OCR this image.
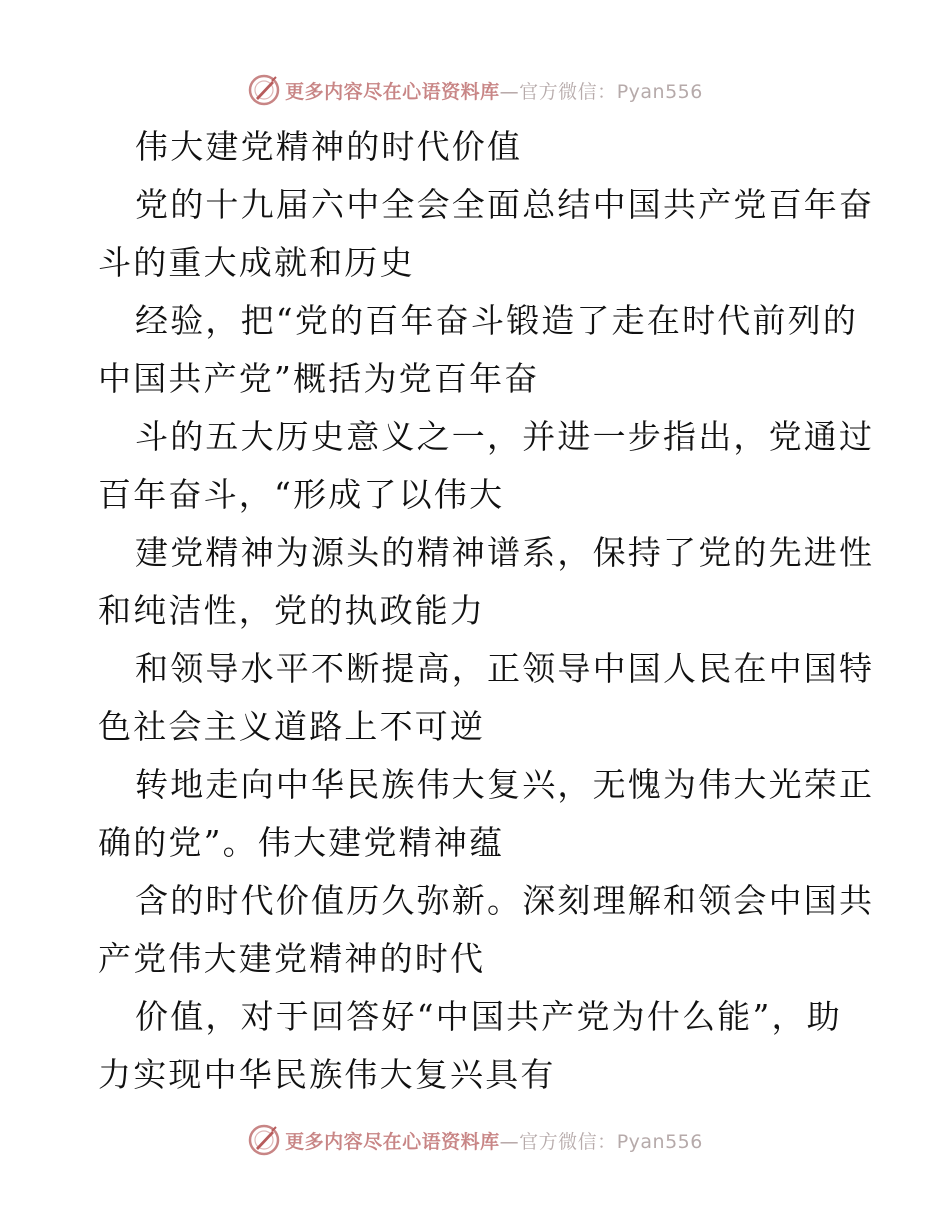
更多内容尽在心语资料库—官方微信：Pyan556
伟大建党精神的时代价值
党的十九届六中全会全面总结中国共产党百年奋
斗的重大成就和历史
经验，把“党的百年奋斗锻造了走在时代前列的
中国共产党”概括为党百年奋
斗的五大历史意义之一，并进一步指出，党通过
百年奋斗，“形成了以伟大
建党精神为源头的精神谱系，保持了党的先进性
和纯洁性，党的执政能力
和领导水平不断提高，正领导中国人民在中国特
色社会主义道路上不可逆
转地走向中华民族伟大复兴，无愧为伟大光荣正
确的党”。伟大建党精神蕴
含的时代价值历久弥新。深刻理解和领会中国共
产党伟大建党精神的时代
价值，对于回答好“中国共产党为什么能”，助
力实现中华民族伟大复兴具有
更多内容尽在心语资料库—官方微信：Pyan556
